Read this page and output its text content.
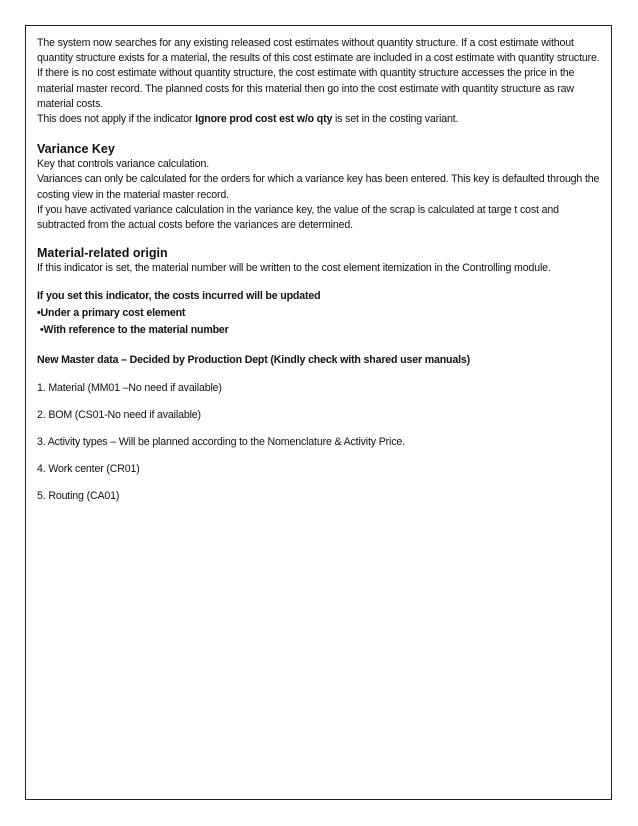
The system now searches for any existing released cost estimates without quantity structure. If a cost estimate without quantity structure exists for a material, the results of this cost estimate are included in a cost estimate with quantity structure. If there is no cost estimate without quantity structure, the cost estimate with quantity structure accesses the price in the material master record. The planned costs for this material then go into the cost estimate with quantity structure as raw material costs.

This does not apply if the indicator Ignore prod cost est w/o qty is set in the costing variant.

Variance Key

Key that controls variance calculation.

Variances can only be calculated for the orders for which a variance key has been entered. This key is defaulted through the costing view in the material master record.

If you have activated variance calculation in the variance key, the value of the scrap is calculated at targe t cost and subtracted from the actual costs before the variances are determined.

Material-related origin

If this indicator is set, the material number will be written to the cost element itemization in the Controlling module.

If you set this indicator, the costs incurred will be updated

•Under a primary cost element

•With reference to the material number

New Master data – Decided by Production Dept (Kindly check with shared user manuals)

1. Material (MM01 –No need if available)

2. BOM (CS01-No need if available)

3. Activity types – Will be planned according to the Nomenclature & Activity Price.

4. Work center (CR01)

5. Routing (CA01)
